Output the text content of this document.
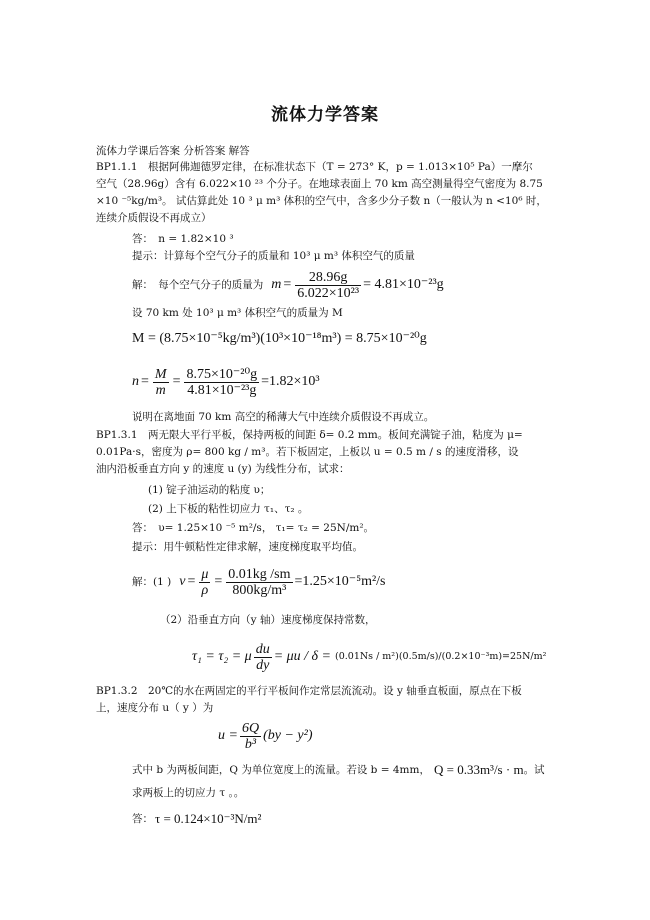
流体力学答案
流体力学课后答案 分析答案 解答
BP1.1.1　根据阿佛迦德罗定律，在标准状态下（T = 273° K，p = 1.013×10⁵ Pa）一摩尔
空气（28.96g）含有 6.022×10 ²³ 个分子。在地球表面上 70 km 高空测量得空气密度为 8.75
×10 ⁻⁵kg/m³。 试估算此处 10 ³ μ m³ 体积的空气中，含多少分子数 n（一般认为 n <10⁶ 时，
连续介质假设不再成立）
答：　n = 1.82×10 ³
提示：计算每个空气分子的质量和 10³ μ m³ 体积空气的质量
解：　每个空气分子的质量为 $m = \frac{28.96g}{\text{6.022×10²³}} = 4.81\times 10^{-23}g$
设 70 km 处 10³ μ m³ 体积空气的质量为 M
M = (8.75×10⁻⁵kg/m³)(10³×10⁻¹⁸m³) = 8.75×10⁻²⁰g
$n = \frac{M}{m} = \frac{\text{8.75×10⁻²⁰g}}{\text{4.81×10⁻²³g}} =1.82\times 10^3$
说明在离地面 70 km 高空的稀薄大气中连续介质假设不再成立。
BP1.3.1　两无限大平行平板，保持两板的间距 δ= 0.2 mm。板间充满锭子油，粘度为 μ=
0.01Pa·s，密度为 ρ= 800 kg / m³。若下板固定，上板以 u = 0.5 m / s 的速度滑移，设
油内沿板垂直方向 y 的速度 u (y) 为线性分布，试求：
(1) 锭子油运动的粘度 υ；
(2) 上下板的粘性切应力 τ₁、τ₂ 。
答：　υ= 1.25×10 ⁻⁵ m²/s， τ₁= τ₂ = 25N/m²。
提示：用牛顿粘性定律求解，速度梯度取平均值。
解：(1 ) $\nu = \frac{\mu}{\rho} = \frac{0.01kg /sm}{\text{800kg/m³}} =1.25\times 10^{-5}m^2/s$
（2）沿垂直方向（y 轴）速度梯度保持常数，
τ₁ = τ₂ = μ $\frac{du}{dy} = \mu u / \delta = (0.01Ns / m^2)(0.5m/s)/(0.2\times 10^{-3}m)=25N/m^2$
BP1.3.2　20℃的水在两固定的平行平板间作定常层流流动。设 y 轴垂直板面，原点在下板
上，速度分布 u（ y ）为
$u = \frac{6Q}{\text{b³}} (by - y^2)$
式中 b 为两板间距，Q 为单位宽度上的流量。若设 b = 4mm， Q = 0.33m³/s · m 。试
求两板上的切应力 τ 。。
答： τ = 0.124×10⁻³N/m²
